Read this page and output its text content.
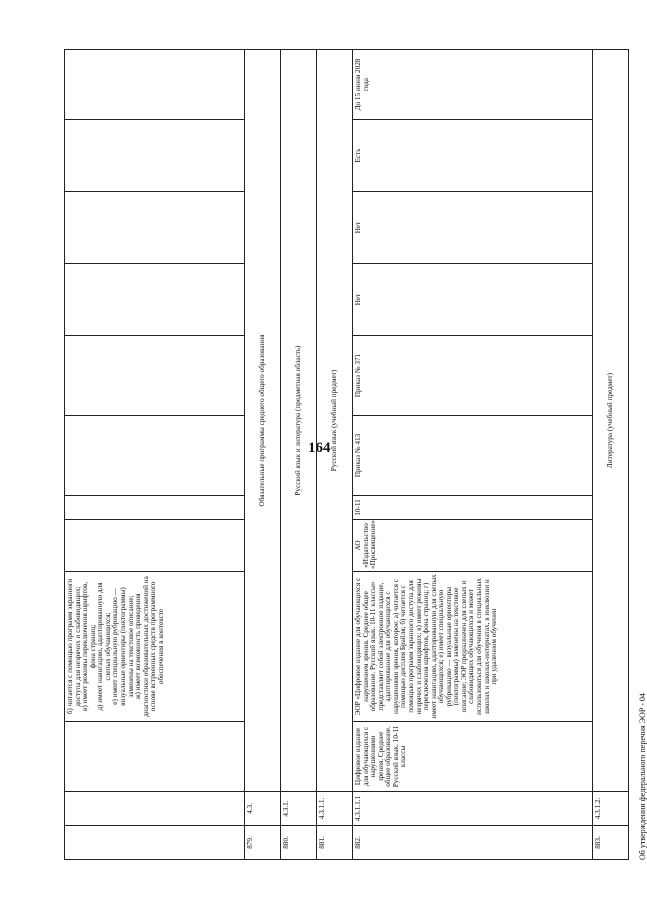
164
			б) читается с помощью программ экранного доступа для незрячих и слабовидящих;
в) имеет режимы переключения шрифтов, фона страниц;
д) имеет навигацию, адаптированную для слепых обучающихся;
е) имеет специальную рубрикацию — визуальные ориентиры (пиктограммы) заменены на текстовое описание;
ж) имеет возможность проведения диагностики образовательных достижений на основе встроенных средств программного обеспечения в контексте								
879.	4.3.	Обязательные программы среднего общего образования									
880.	4.3.1.	Русский язык и литература (предметная область)									
881.	4.3.1.1.	Русский язык (учебный предмет)									
882.	4.3.1.1.1	Цифровое издание для обучающихся с нарушениями зрения. Среднее общее образование. Русский язык. 10-11 классы	ЭОР «Цифровое издание для обучающихся с нарушением зрения. Среднее общее образование. Русский язык. 10-11 классы» представляет собой электронное издание, адаптированное для обучающихся с нарушениями зрения, которое: а) читается с помощью дисплея Брайля; б) читается с помощью программ экранного доступа для незрячих и слабовидящих; в) имеет режимы переключения шрифтов, фона страниц; г) имеет навигацию, адаптированную для слепых обучающихся; е) имеет специальную рубрикацию — визуальные ориентиры (пиктограммы) заменены на текстовое описание; ЭОР предназначен для слепых и слабовидящих обучающихся и может использоваться для обучения в специальных школах и школах-интернатах, в инклюзии и при удаленном обучении	АО «Издательство «Просвещение»	10-11	Приказ № 413	Приказ № 371	Нет	Нет	Есть	До 15 июня 2028 года
883.	4.3.1.2.	Литература (учебный предмет)									
Об утверждении федерального перечня ЭОР - 04
